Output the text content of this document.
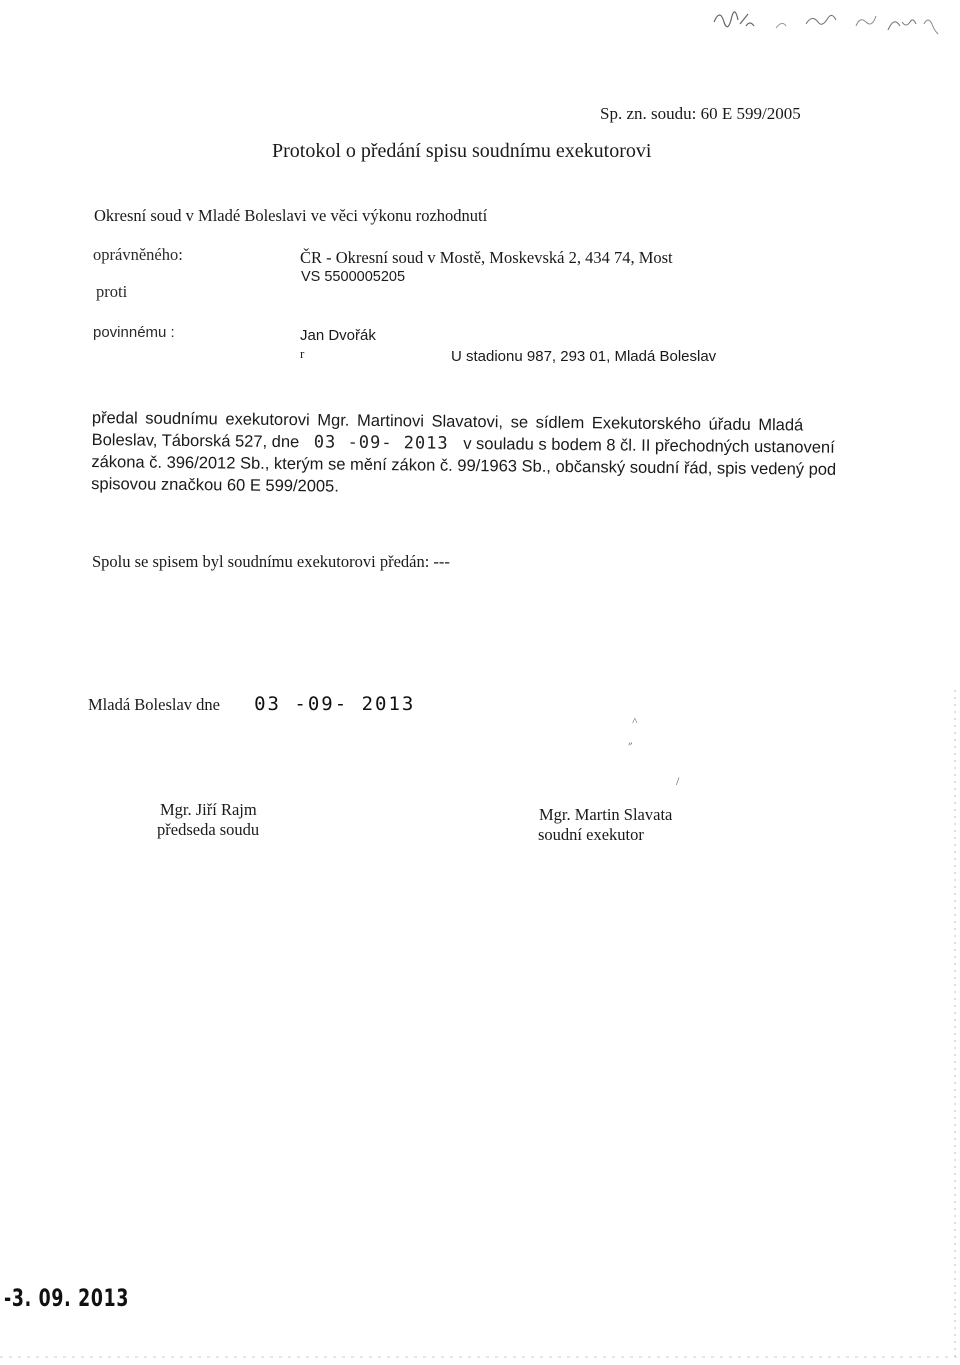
Sp. zn. soudu: 60 E 599/2005
Protokol o předání spisu soudnímu exekutorovi
Okresní soud v Mladé Boleslavi ve věci výkonu rozhodnutí
oprávněného:	ČR - Okresní soud v Mostě, Moskevská 2, 434 74, Most
VS 5500005205
proti
povinnému :	Jan Dvořák
r	U stadionu 987, 293 01, Mladá Boleslav
předal soudnímu exekutorovi Mgr. Martinovi Slavatovi, se sídlem Exekutorského úřadu Mladá
Boleslav, Táborská 527, dne 03 -09- 2013 v souladu s bodem 8 čl. II přechodných ustanovení
zákona č. 396/2012 Sb., kterým se mění zákon č. 99/1963 Sb., občanský soudní řád, spis vedený pod
spisovou značkou 60 E 599/2005.
Spolu se spisem byl soudnímu exekutorovi předán: ---
Mladá Boleslav dne 03 -09- 2013
˄
״
/
Mgr. Jiří Rajm
předseda soudu
Mgr. Martin Slavata
soudní exekutor
-3. 09. 2013
